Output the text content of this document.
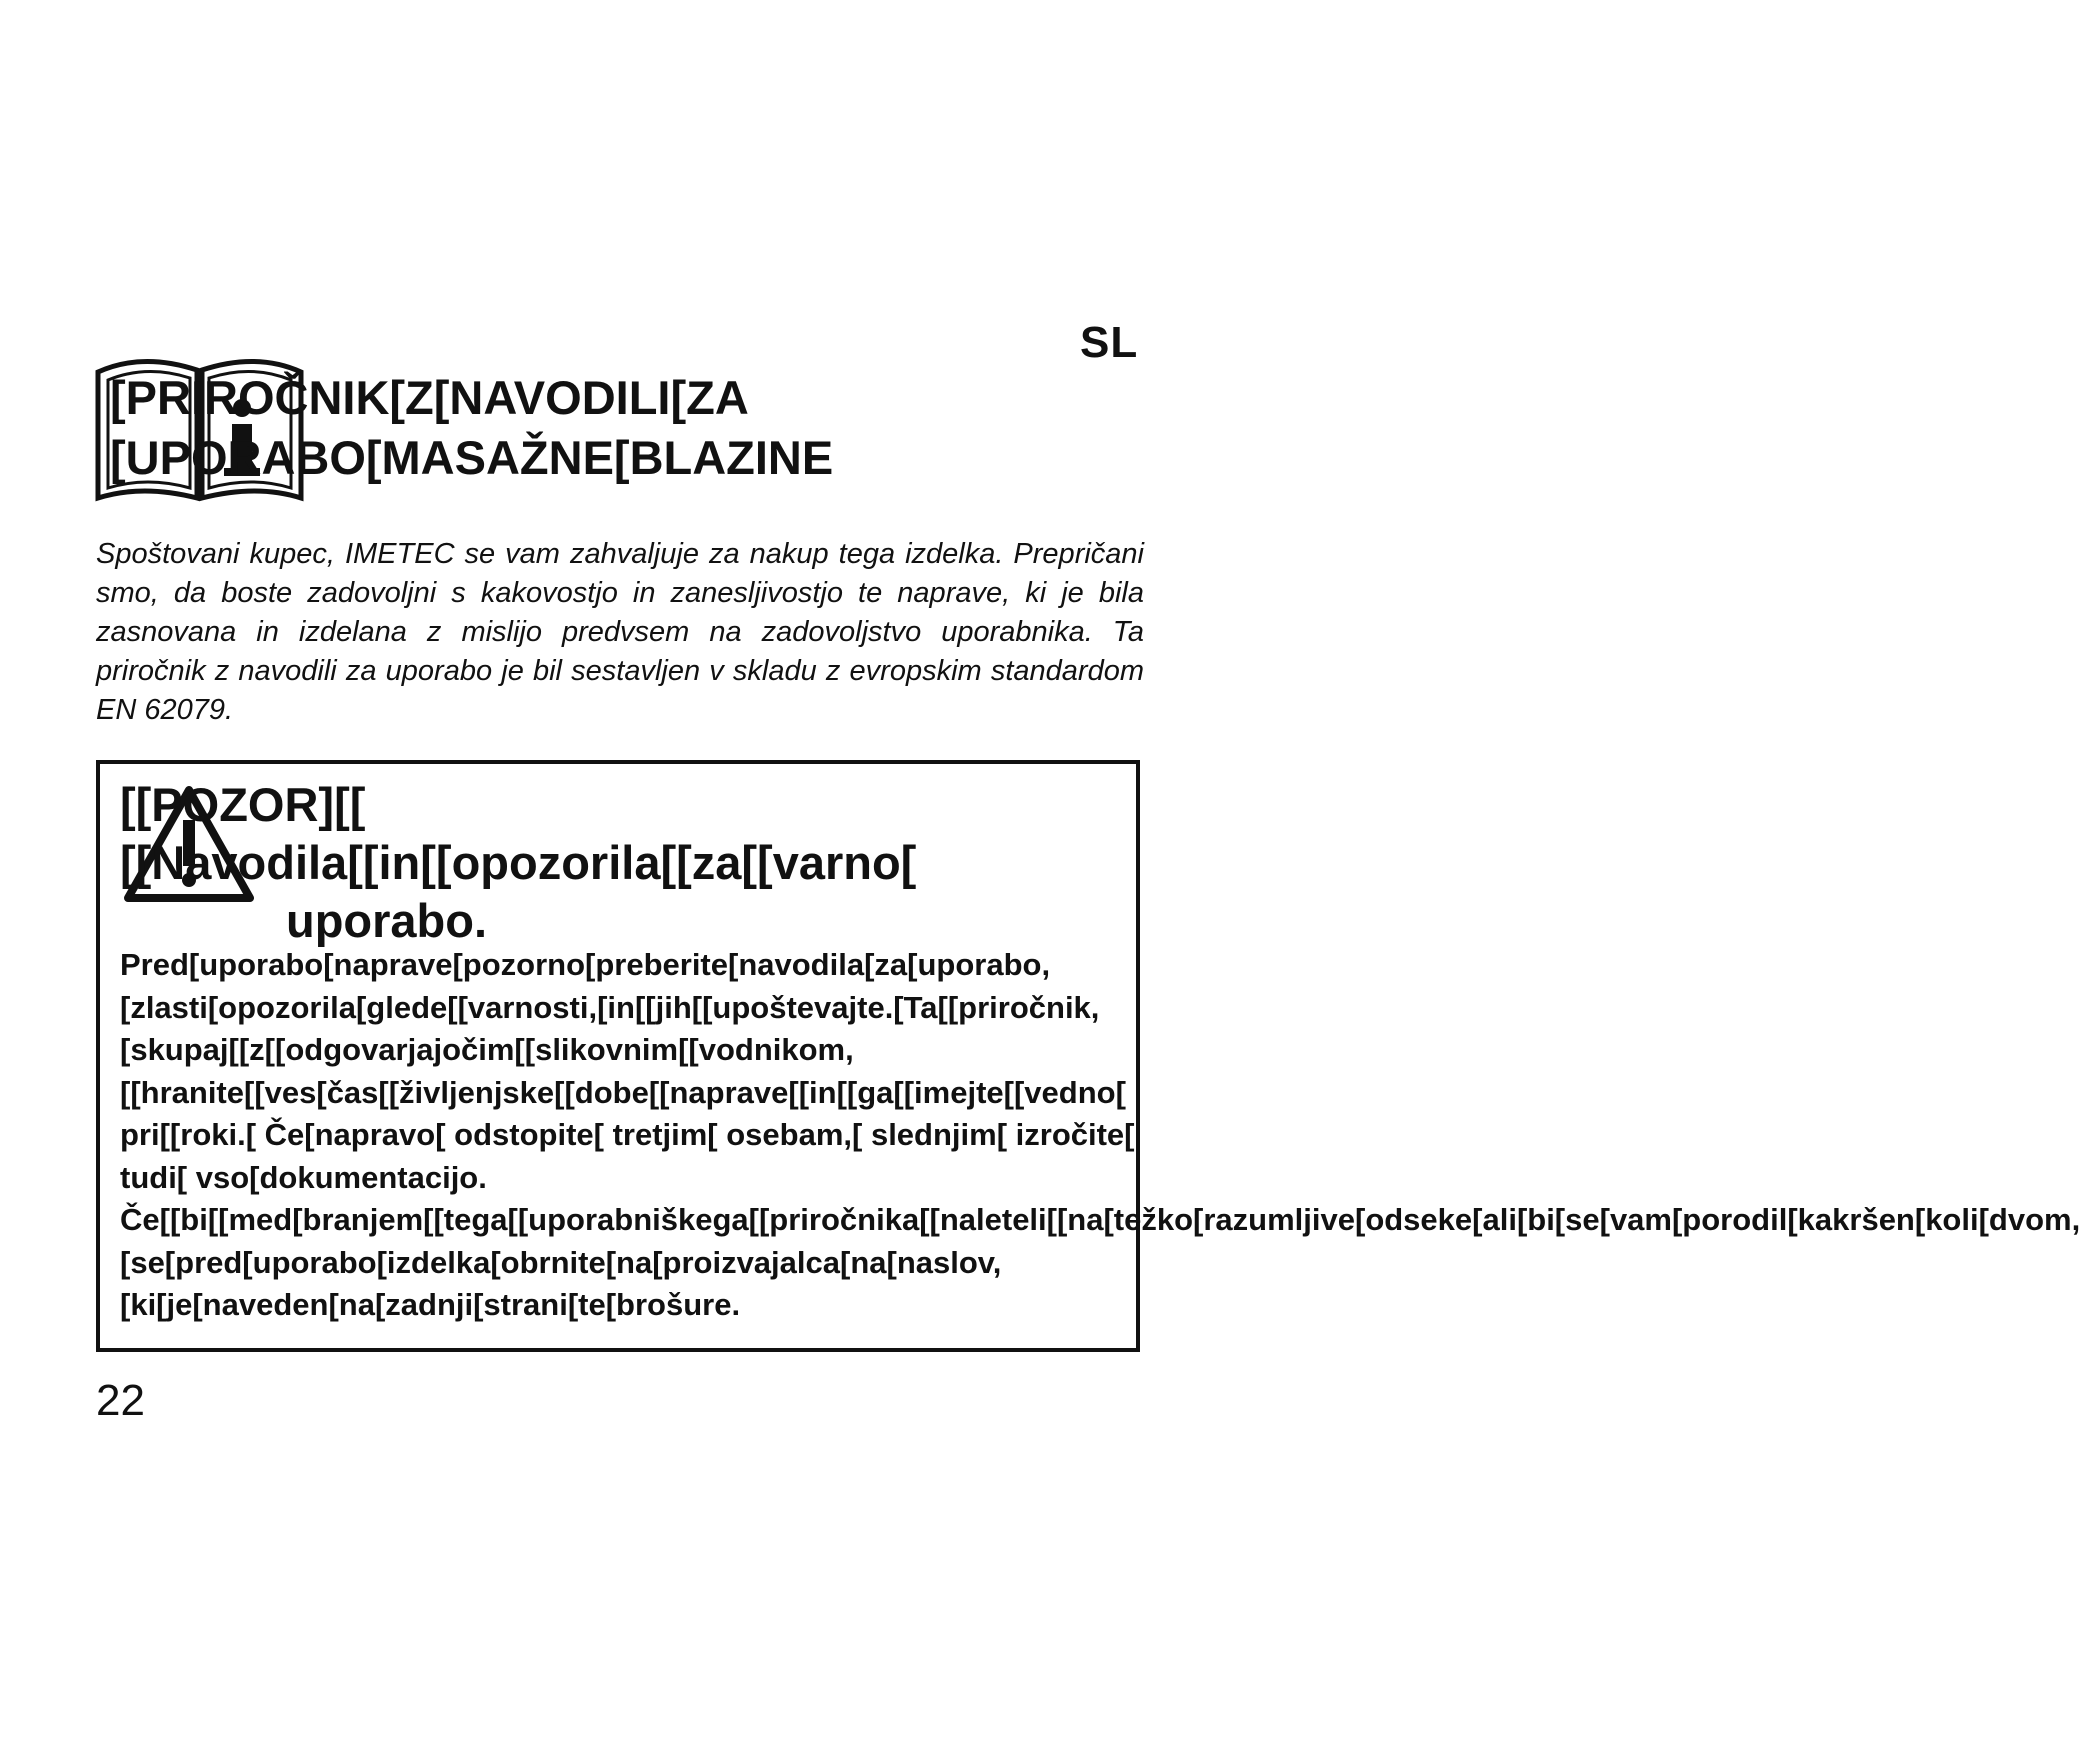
SL
[PRIROČNIK[Z[NAVODILI[ZA
[UPORABO[MASAŽNE[BLAZINE

Spoštovani kupec, IMETEC se vam zahvaljuje za nakup tega izdelka. Prepričani smo, da boste zadovoljni s kakovostjo in zanesljivostjo te naprave, ki je bila zasnovana in izdelana z mislijo predvsem na zadovoljstvo uporabnika. Ta priročnik z navodili za uporabo je bil sestavljen v skladu z evropskim standardom EN 62079.

[[POZOR][[
[[Navodila[[in[[opozorila[[za[[varno[
uporabo.

Pred[uporabo[naprave[pozorno[preberite[navodila[za[uporabo,[zlasti[opozorila[glede[[varnosti,[in[[jih[[upoštevajte.[Ta[[priročnik,[skupaj[[z[[odgovarjajočim[[slikovnim[[vodnikom,[[hranite[[ves[čas[[življenjske[[dobe[[naprave[[in[[ga[[imejte[[vedno[ pri[[roki.[ Če[napravo[ odstopite[ tretjim[ osebam,[ slednjim[ izročite[ tudi[ vso[dokumentacijo.

Če[[bi[[med[branjem[[tega[[uporabniškega[[priročnika[[naleteli[[na[težko[razumljive[odseke[ali[bi[se[vam[porodil[kakršen[koli[dvom,[se[pred[uporabo[izdelka[obrnite[na[proizvajalca[na[naslov,[ki[je[naveden[na[zadnji[strani[te[brošure.

22
